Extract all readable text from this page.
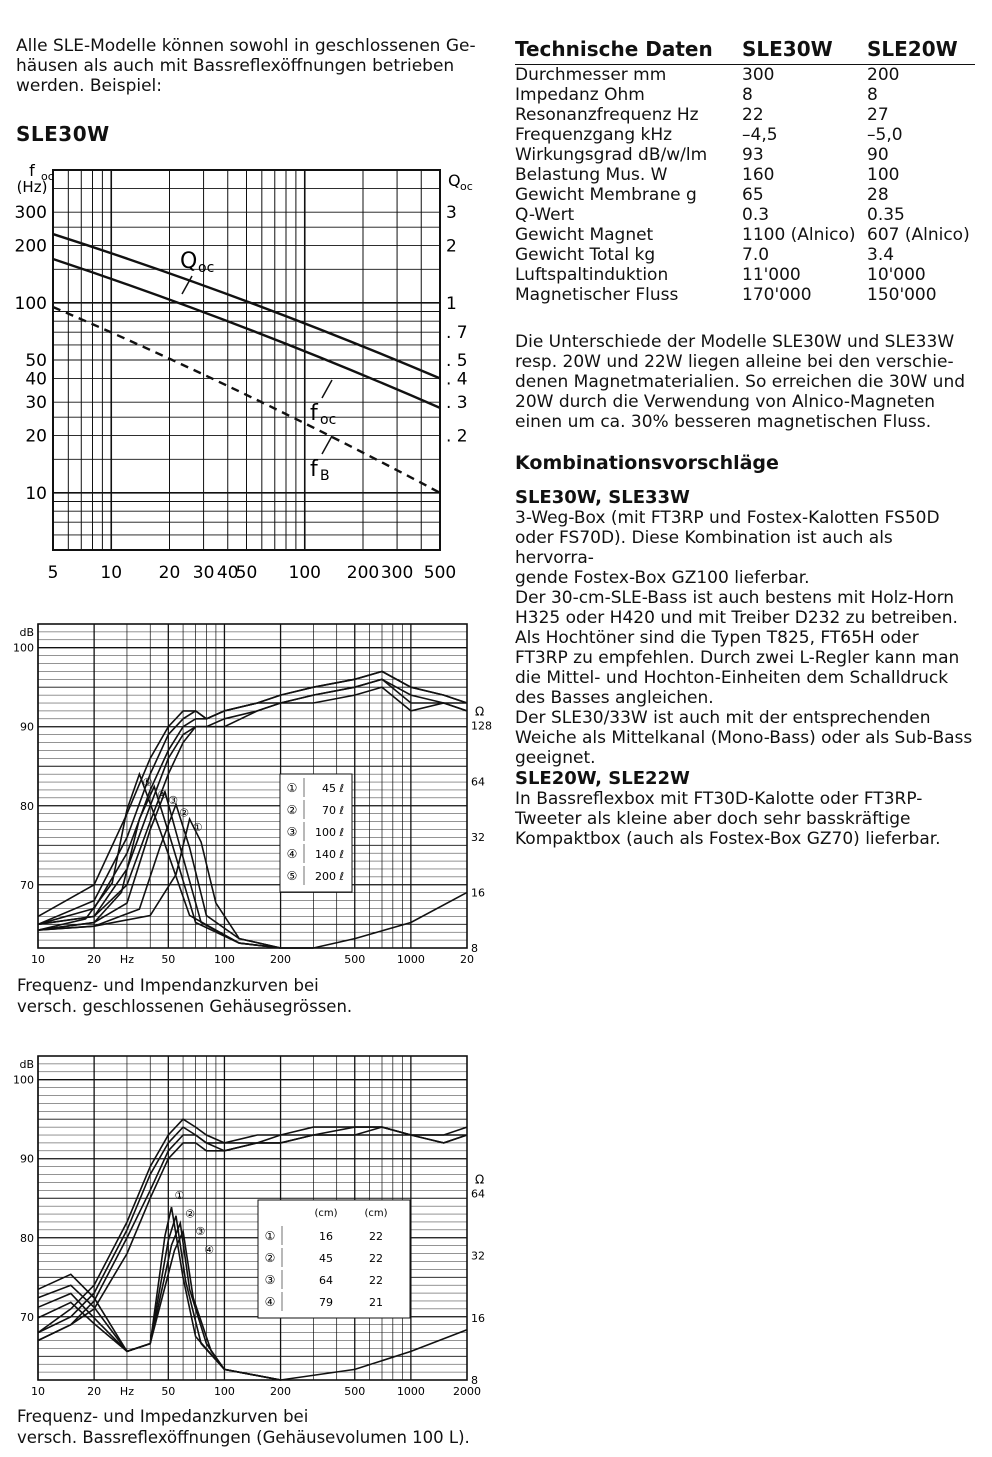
Alle SLE-Modelle können sowohl in geschlossenen Ge-
häusen als auch mit Bassreflexöffnungen betrieben
werden. Beispiel:
SLE30W
5 10 20 30 40
50 100 200 300 500
10
20
30
40
50
100
200
300
. 2
. 3
. 4
. 5
. 7
1
2
3
f oc
(Hz)	Q oc
Q oc
f oc
f B
70
80
90
100
dB
8
16
32
64
128
Ω
10	20	50	100	200	500	1000	20
Hz
①
②
③
④
⑤	① 45 ℓ
② 70 ℓ
③ 100 ℓ
④ 140 ℓ
⑤ 200 ℓ
Frequenz- und Impendanzkurven bei
versch. geschlossenen Gehäusegrössen.
70
80
90
100
dB
8
16
32
64
Ω
10	20	50	100	200	500	1000	2000
Hz
①
②
③
④
(cm)	(cm)
①	16	22
②	45	22
③	64	22
④	79	21
Frequenz- und Impedanzkurven bei
versch. Bassreflexöffnungen (Gehäusevolumen 100 L).
Technische Daten	SLE30W	SLE20W
Durchmesser mm	300	200
Impedanz Ohm	8	8
Resonanzfrequenz Hz	22	27
Frequenzgang kHz	–4,5	–5,0
Wirkungsgrad dB/w/lm	93	90
Belastung Mus. W	160	100
Gewicht Membrane g	65	28
Q-Wert	0.3	0.35
Gewicht Magnet	1100 (Alnico)	607 (Alnico)
Gewicht Total kg	7.0	3.4
Luftspaltinduktion	11'000	10'000
Magnetischer Fluss	170'000	150'000
Die Unterschiede der Modelle SLE30W und SLE33W
resp. 20W und 22W liegen alleine bei den verschie-
denen Magnetmaterialien. So erreichen die 30W und
20W durch die Verwendung von Alnico-Magneten
einen um ca. 30% besseren magnetischen Fluss.
Kombinationsvorschläge
SLE30W, SLE33W
3-Weg-Box (mit FT3RP und Fostex-Kalotten FS50D
oder FS70D). Diese Kombination ist auch als hervorra-
gende Fostex-Box GZ100 lieferbar.
Der 30-cm-SLE-Bass ist auch bestens mit Holz-Horn
H325 oder H420 und mit Treiber D232 zu betreiben.
Als Hochtöner sind die Typen T825, FT65H oder
FT3RP zu empfehlen. Durch zwei L-Regler kann man
die Mittel- und Hochton-Einheiten dem Schalldruck
des Basses angleichen.
Der SLE30/33W ist auch mit der entsprechenden
Weiche als Mittelkanal (Mono-Bass) oder als Sub-Bass
geeignet.
SLE20W, SLE22W
In Bassreflexbox mit FT30D-Kalotte oder FT3RP-
Tweeter als kleine aber doch sehr basskräftige
Kompaktbox (auch als Fostex-Box GZ70) lieferbar.
